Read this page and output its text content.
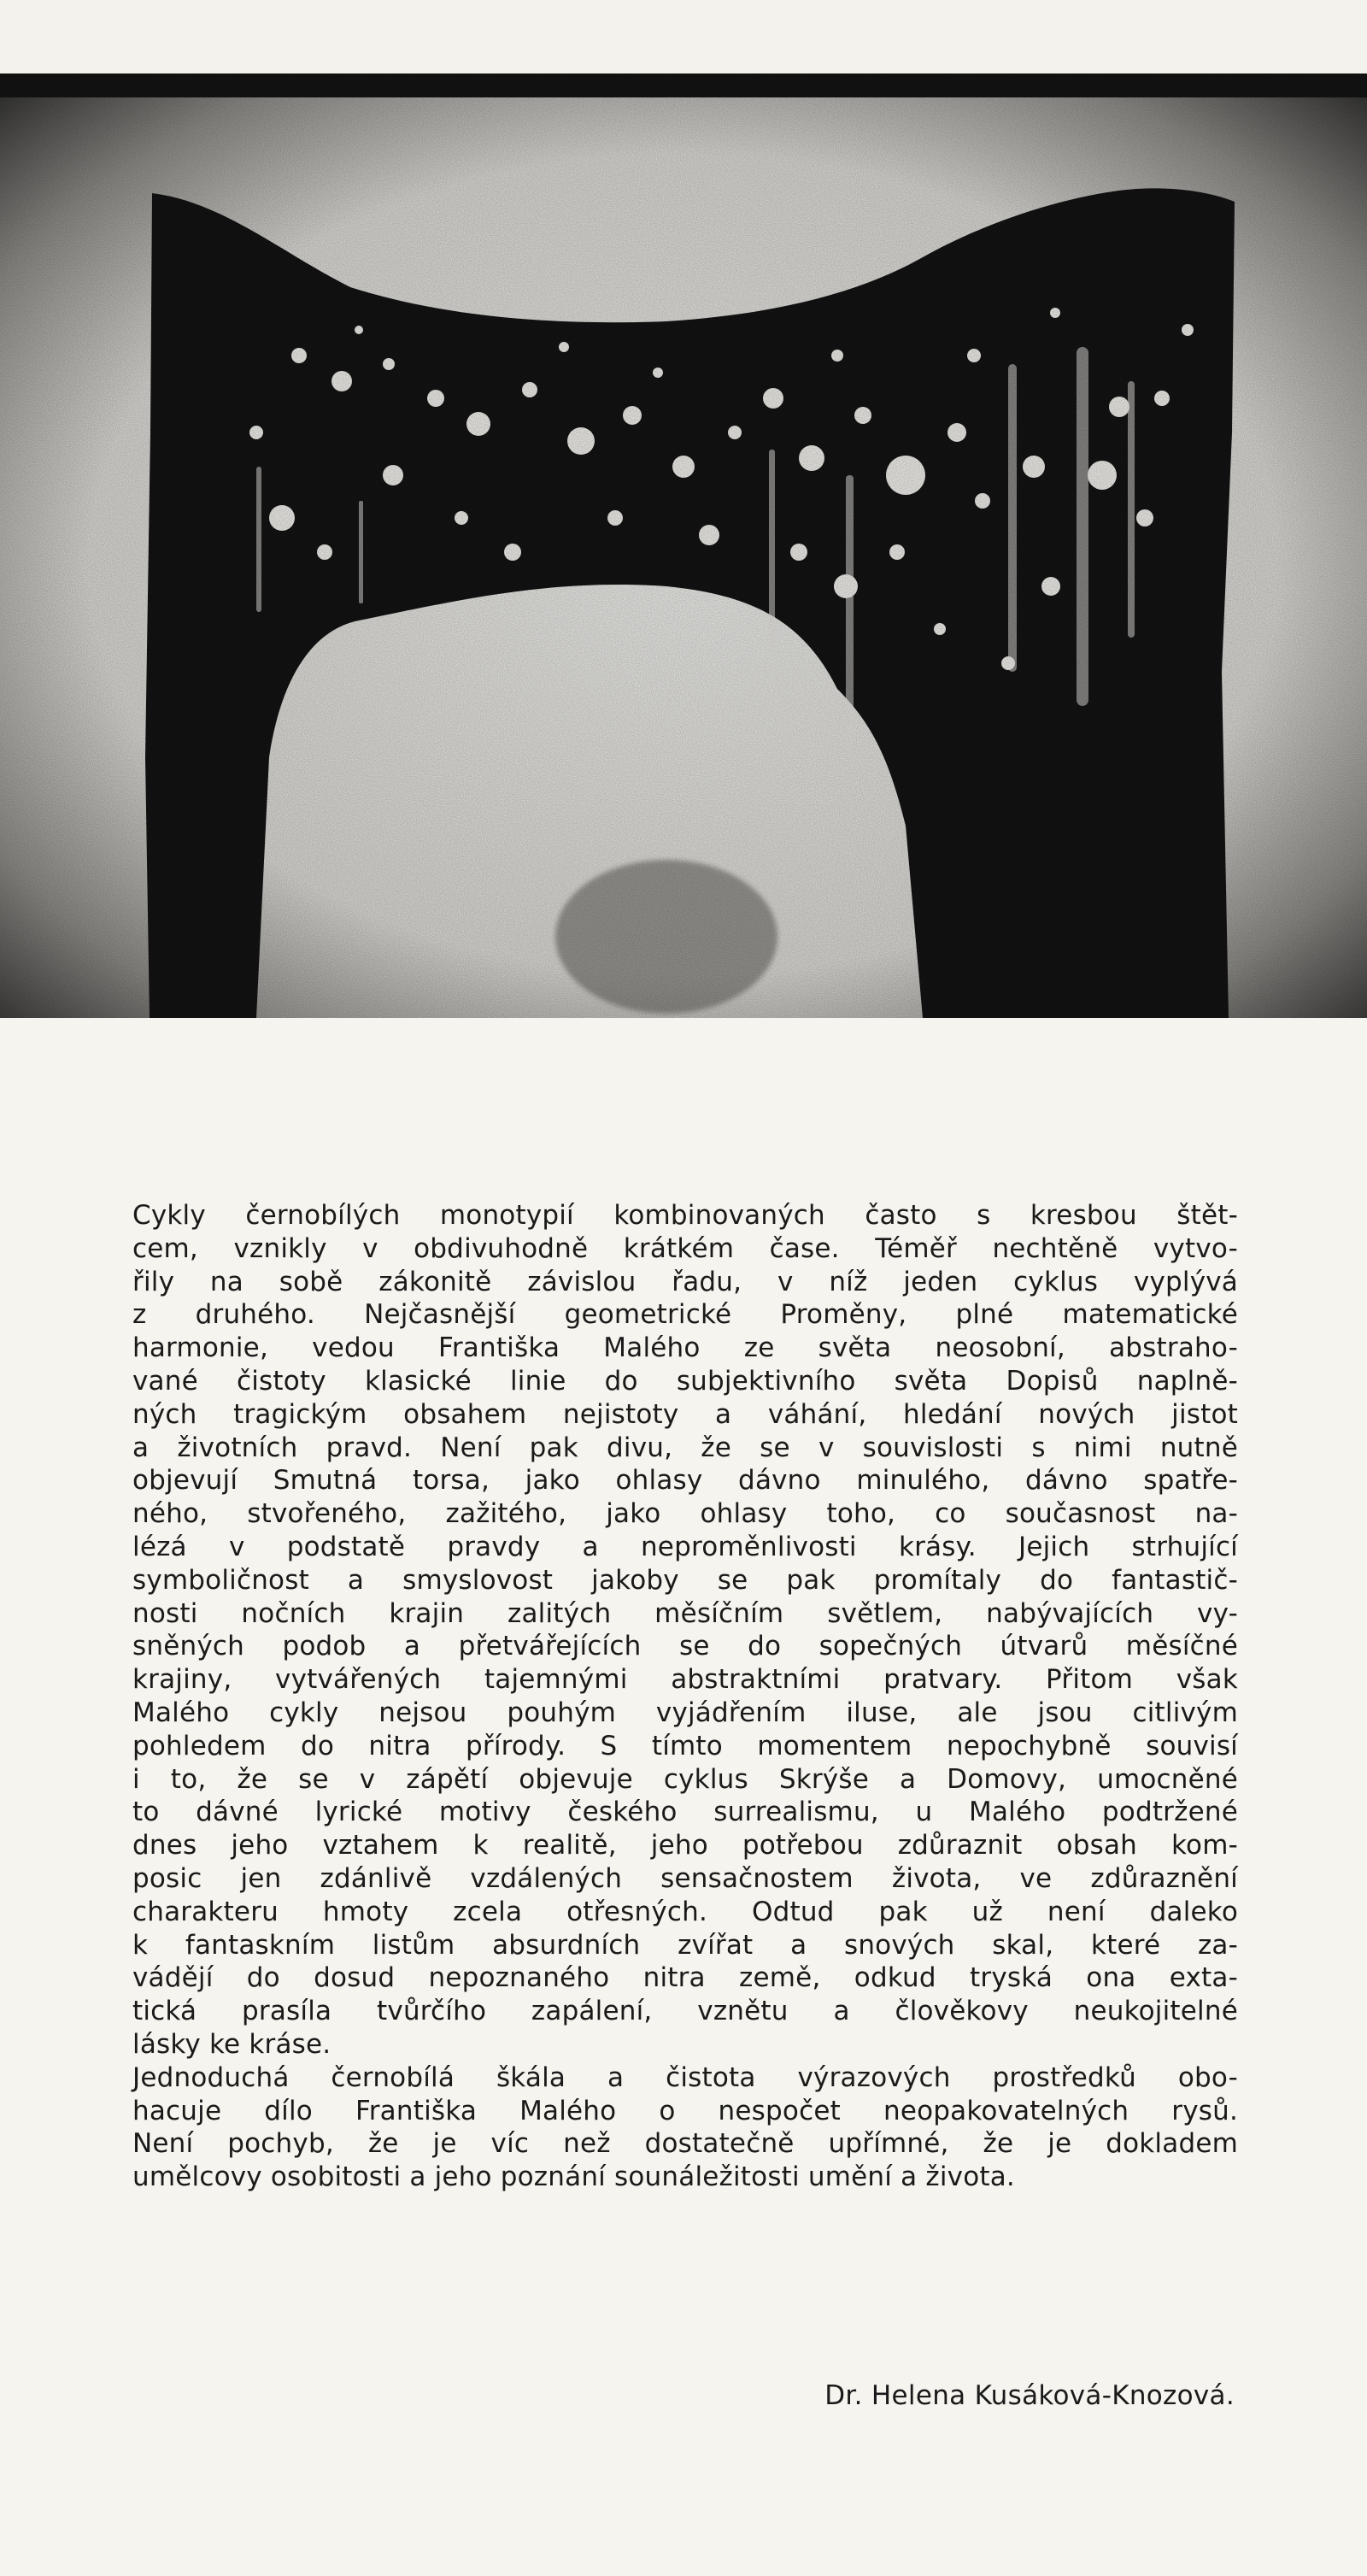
Cykly černobílých monotypií kombinovaných často s kresbou štět-

cem, vznikly v obdivuhodně krátkém čase. Téměř nechtěně vytvo-

řily na sobě zákonitě závislou řadu, v níž jeden cyklus vyplývá

z druhého. Nejčasnější geometrické Proměny, plné matematické

harmonie, vedou Františka Malého ze světa neosobní, abstraho-

vané čistoty klasické linie do subjektivního světa Dopisů naplně-

ných tragickým obsahem nejistoty a váhání, hledání nových jistot

a životních pravd. Není pak divu, že se v souvislosti s nimi nutně

objevují Smutná torsa, jako ohlasy dávno minulého, dávno spatře-

ného, stvořeného, zažitého, jako ohlasy toho, co současnost na-

lézá v podstatě pravdy a neproměnlivosti krásy. Jejich strhující

symboličnost a smyslovost jakoby se pak promítaly do fantastič-

nosti nočních krajin zalitých měsíčním světlem, nabývajících vy-

sněných podob a přetvářejících se do sopečných útvarů měsíčné

krajiny, vytvářených tajemnými abstraktními pratvary. Přitom však

Malého cykly nejsou pouhým vyjádřením iluse, ale jsou citlivým

pohledem do nitra přírody. S tímto momentem nepochybně souvisí

i to, že se v zápětí objevuje cyklus Skrýše a Domovy, umocněné

to dávné lyrické motivy českého surrealismu, u Malého podtržené

dnes jeho vztahem k realitě, jeho potřebou zdůraznit obsah kom-

posic jen zdánlivě vzdálených sensačnostem života, ve zdůraznění

charakteru hmoty zcela otřesných. Odtud pak už není daleko

k fantaskním listům absurdních zvířat a snových skal, které za-

vádějí do dosud nepoznaného nitra země, odkud tryská ona exta-

tická prasíla tvůrčího zapálení, vznětu a člověkovy neukojitelné

lásky ke kráse.

Jednoduchá černobílá škála a čistota výrazových prostředků obo-

hacuje dílo Františka Malého o nespočet neopakovatelných rysů.

Není pochyb, že je víc než dostatečně upřímné, že je dokladem

umělcovy osobitosti a jeho poznání sounáležitosti umění a života.

Dr. Helena Kusáková-Knozová.
